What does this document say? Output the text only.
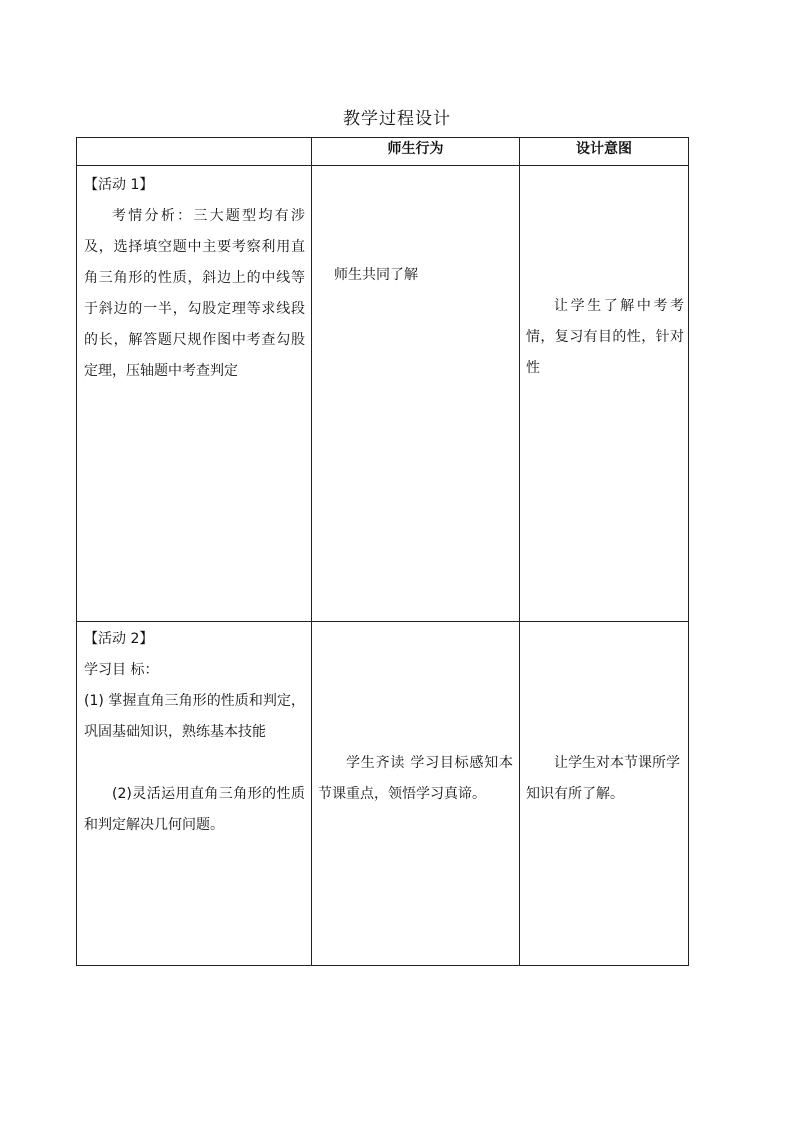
教学过程设计
	师生行为	设计意图

【活动 1】

考情分析：三大题型均有涉及，选择填空题中主要考察利用直角三角形的性质，斜边上的中线等于斜边的一半，勾股定理等求线段的长，解答题尺规作图中考查勾股定理，压轴题中考查判定	师生共同了解	让学生了解中考考情，复习有目的性，针对性

【活动 2】

学习目 标：

(1) 掌握直角三角形的性质和判定，巩固基础知识，熟练基本技能

(2)灵活运用直角三角形的性质和判定解决几何问题。	学生齐读 学习目标感知本节课重点，领悟学习真谛。	让学生对本节课所学知识有所了解。
